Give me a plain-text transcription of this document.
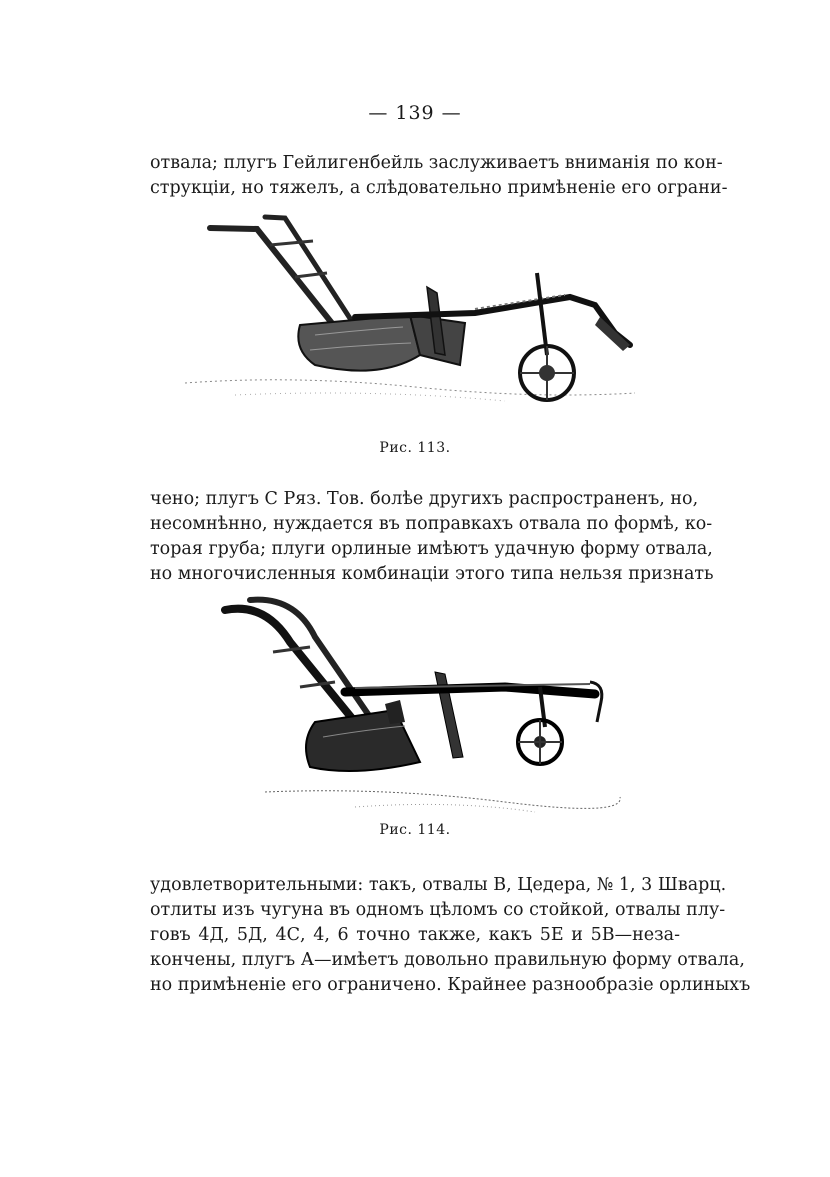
— 139 —
отвала; плугъ Гейлигенбейль заслуживаетъ вниманія по кон-
струкціи, но тяжелъ, а слѣдовательно примѣненіе его ограни-
Рис. 113.
чено; плугъ С Ряз. Тов. болѣе другихъ распространенъ, но,
несомнѣнно, нуждается въ поправкахъ отвала по формѣ, ко-
торая груба; плуги орлиные имѣютъ удачную форму отвала,
но многочисленныя комбинаціи этого типа нельзя признать
Рис. 114.
удовлетворительными: такъ, отвалы В, Цедера, № 1, 3 Шварц.
отлиты изъ чугуна въ одномъ цѣломъ со стойкой, отвалы плу-
говъ 4Д, 5Д, 4С, 4, 6 точно также, какъ 5Е и 5В—неза-
кончены, плугъ А—имѣетъ довольно правильную форму отвала,
но примѣненіе его ограничено. Крайнее разнообразіе орлиныхъ
